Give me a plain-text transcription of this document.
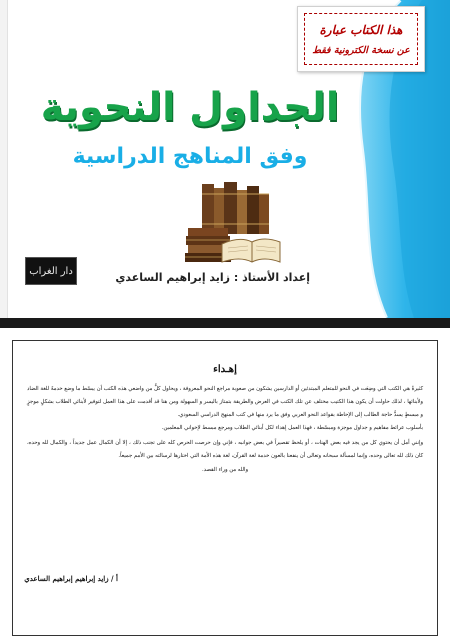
هذا الكتاب عبارة
عن نسخة الكترونية فقط
الجداول النحوية
وفق المناهج الدراسية
دار الغراب	إعداد الأستاذ : زايد إبراهيم الساعدي
إهـداء

كثيرةٌ هي الكتب التي وضِعَت في النحو للمتعلم المبتدئين أو الدارسين يشكون من صعوبة مراجع النحو المعروفة ، ويحاول كلٌّ من واضعي هذه الكتب أن يبسّط ما وضع خدمةً للغة الضاد ولأبنائها ، لذلك حاولت أن يكون هذا الكتيب مختلف عن تلك الكتب في العرض والطريقة بتمتاز باليسر و السهولة ومن هنا قد أقدمت على هذا العمل لتوفير لأبنائي الطلاب بشكلٍ موجزٍ و مبسطٍ يسدُّ حاجة الطالب إلى الإحاطة بقواعد النحو العربي وفق ما يرد منها في كتب المنهج الدراسي السعودي.

بأسلوب عرائط مفاهيم و جداول موجزة ومبسّطة ، فهذا العمل إهداء لكل أبنائي الطلاب ومرجع مبسط لإخواني المعلمين.

وإنني أمل أن يحتوي كل من يجد فيه بعض الهنات ، أو يلحظ تقصيراً في بعض جوانبه ، فإني وإن حرصت الحرص كله على تجنب ذلك ، إلا أن الكمال عمل جديداً ، والكمال لله وحده، كان ذلك لله تعالى وحده، وإنما لمسألة سبحانه وتعالى أن ينفعنا بالعون خدمة لغة القرآن، لغة هذه الأمة التي اختارها لرسالته بين الأمم جميعاً.

والله من وراء القصد.

أ / زايد إبراهيم إبراهيم الساعدي
